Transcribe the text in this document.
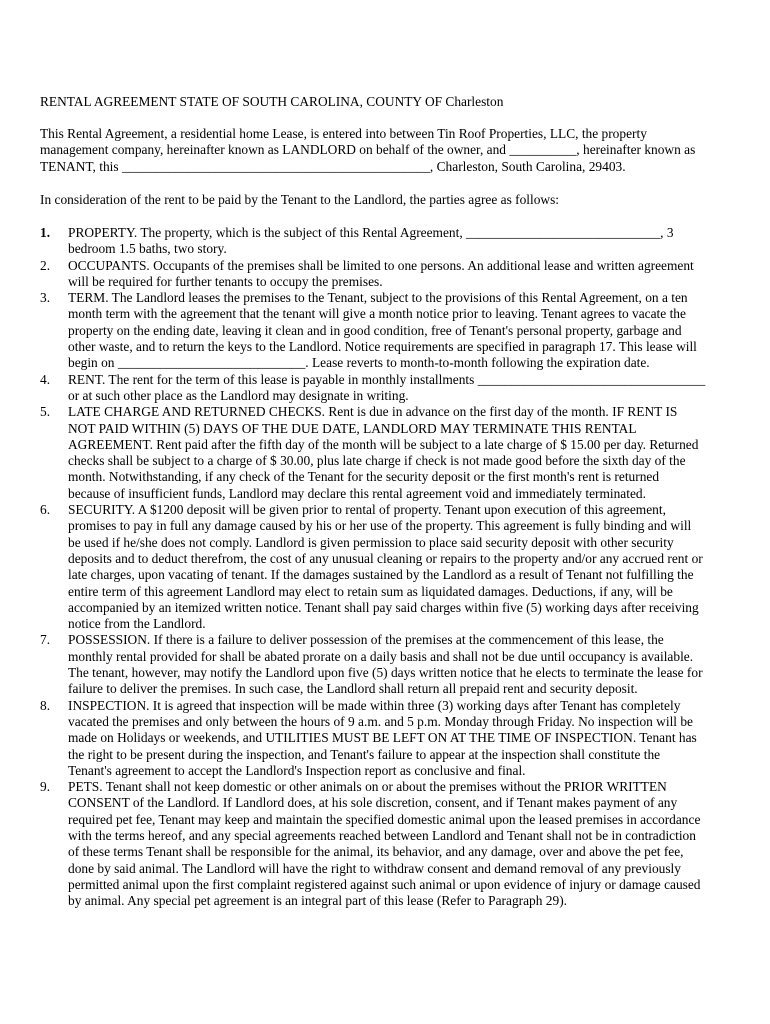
RENTAL AGREEMENT STATE OF SOUTH CAROLINA, COUNTY OF Charleston
This Rental Agreement, a residential home Lease, is entered into between Tin Roof Properties, LLC, the property
management company, hereinafter known as LANDLORD on behalf of the owner, and __________, hereinafter known as
TENANT, this ______________________________________________, Charleston, South Carolina, 29403.
In consideration of the rent to be paid by the Tenant to the Landlord, the parties agree as follows:
1. PROPERTY. The property, which is the subject of this Rental Agreement, _____________________________, 3
bedroom 1.5 baths, two story.
2. OCCUPANTS. Occupants of the premises shall be limited to one persons. An additional lease and written agreement
will be required for further tenants to occupy the premises.
3. TERM. The Landlord leases the premises to the Tenant, subject to the provisions of this Rental Agreement, on a ten
month term with the agreement that the tenant will give a month notice prior to leaving. Tenant agrees to vacate the
property on the ending date, leaving it clean and in good condition, free of Tenant's personal property, garbage and
other waste, and to return the keys to the Landlord. Notice requirements are specified in paragraph 17. This lease will
begin on ____________________________. Lease reverts to month-to-month following the expiration date.
4. RENT. The rent for the term of this lease is payable in monthly installments __________________________________
or at such other place as the Landlord may designate in writing.
5. LATE CHARGE AND RETURNED CHECKS. Rent is due in advance on the first day of the month. IF RENT IS
NOT PAID WITHIN (5) DAYS OF THE DUE DATE, LANDLORD MAY TERMINATE THIS RENTAL
AGREEMENT. Rent paid after the fifth day of the month will be subject to a late charge of $ 15.00 per day. Returned
checks shall be subject to a charge of $ 30.00, plus late charge if check is not made good before the sixth day of the
month. Notwithstanding, if any check of the Tenant for the security deposit or the first month's rent is returned
because of insufficient funds, Landlord may declare this rental agreement void and immediately terminated.
6. SECURITY. A $1200 deposit will be given prior to rental of property. Tenant upon execution of this agreement,
promises to pay in full any damage caused by his or her use of the property. This agreement is fully binding and will
be used if he/she does not comply. Landlord is given permission to place said security deposit with other security
deposits and to deduct therefrom, the cost of any unusual cleaning or repairs to the property and/or any accrued rent or
late charges, upon vacating of tenant. If the damages sustained by the Landlord as a result of Tenant not fulfilling the
entire term of this agreement Landlord may elect to retain sum as liquidated damages. Deductions, if any, will be
accompanied by an itemized written notice. Tenant shall pay said charges within five (5) working days after receiving
notice from the Landlord.
7. POSSESSION. If there is a failure to deliver possession of the premises at the commencement of this lease, the
monthly rental provided for shall be abated prorate on a daily basis and shall not be due until occupancy is available.
The tenant, however, may notify the Landlord upon five (5) days written notice that he elects to terminate the lease for
failure to deliver the premises. In such case, the Landlord shall return all prepaid rent and security deposit.
8. INSPECTION. It is agreed that inspection will be made within three (3) working days after Tenant has completely
vacated the premises and only between the hours of 9 a.m. and 5 p.m. Monday through Friday. No inspection will be
made on Holidays or weekends, and UTILITIES MUST BE LEFT ON AT THE TIME OF INSPECTION. Tenant has
the right to be present during the inspection, and Tenant's failure to appear at the inspection shall constitute the
Tenant's agreement to accept the Landlord's Inspection report as conclusive and final.
9. PETS. Tenant shall not keep domestic or other animals on or about the premises without the PRIOR WRITTEN
CONSENT of the Landlord. If Landlord does, at his sole discretion, consent, and if Tenant makes payment of any
required pet fee, Tenant may keep and maintain the specified domestic animal upon the leased premises in accordance
with the terms hereof, and any special agreements reached between Landlord and Tenant shall not be in contradiction
of these terms Tenant shall be responsible for the animal, its behavior, and any damage, over and above the pet fee,
done by said animal. The Landlord will have the right to withdraw consent and demand removal of any previously
permitted animal upon the first complaint registered against such animal or upon evidence of injury or damage caused
by animal. Any special pet agreement is an integral part of this lease (Refer to Paragraph 29).
